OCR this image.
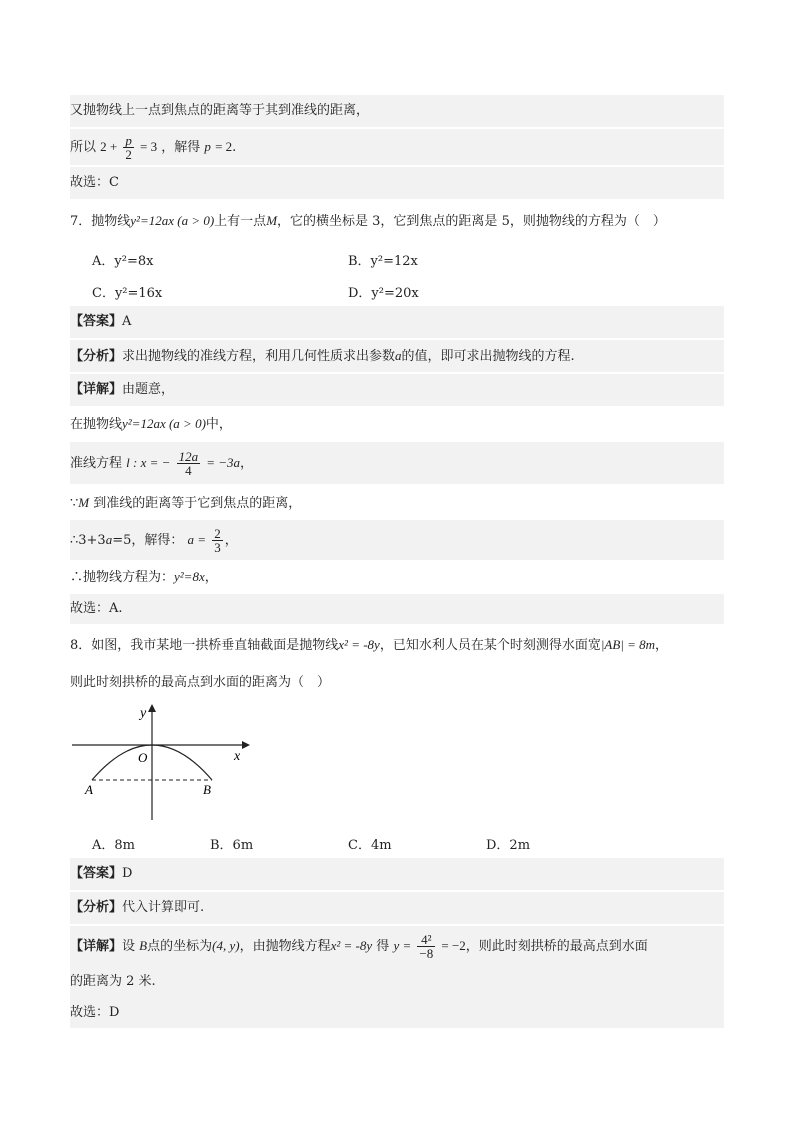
又抛物线上一点到焦点的距离等于其到准线的距离，
所以 $2 + \frac{p}{2} = 3$ ，解得 p = 2.
故选：C
7．抛物线y²=12ax (a > 0)上有一点M，它的横坐标是 3，它到焦点的距离是 5，则抛物线的方程为（　）
A．y²=8x	B．y²=12x
C．y²=16x	D．y²=20x
【答案】A
【分析】求出抛物线的准线方程，利用几何性质求出参数a的值，即可求出抛物线的方程.
【详解】由题意，
在抛物线y²=12ax (a > 0)中，
准线方程 l : x = − $\frac{12a}{4} = -3a$，
∵M 到准线的距离等于它到焦点的距离，
∴3+3a=5，解得： $a = \frac{2}{3}$ ，
∴抛物线方程为：y²=8x，
故选：A.
8．如图，我市某地一拱桥垂直轴截面是抛物线x² = -8y，已知水利人员在某个时刻测得水面宽|AB| = 8m，
则此时刻拱桥的最高点到水面的距离为（　）
y
x
O
A	B
A．8m	B．6m	C．4m	D．2m
【答案】D
【分析】代入计算即可.
【详解】设 B点的坐标为(4, y)，由抛物线方程x² = -8y 得 $y = \frac{\text{4²}}{-8} = -2$，则此时刻拱桥的最高点到水面
的距离为 2 米.
故选：D
